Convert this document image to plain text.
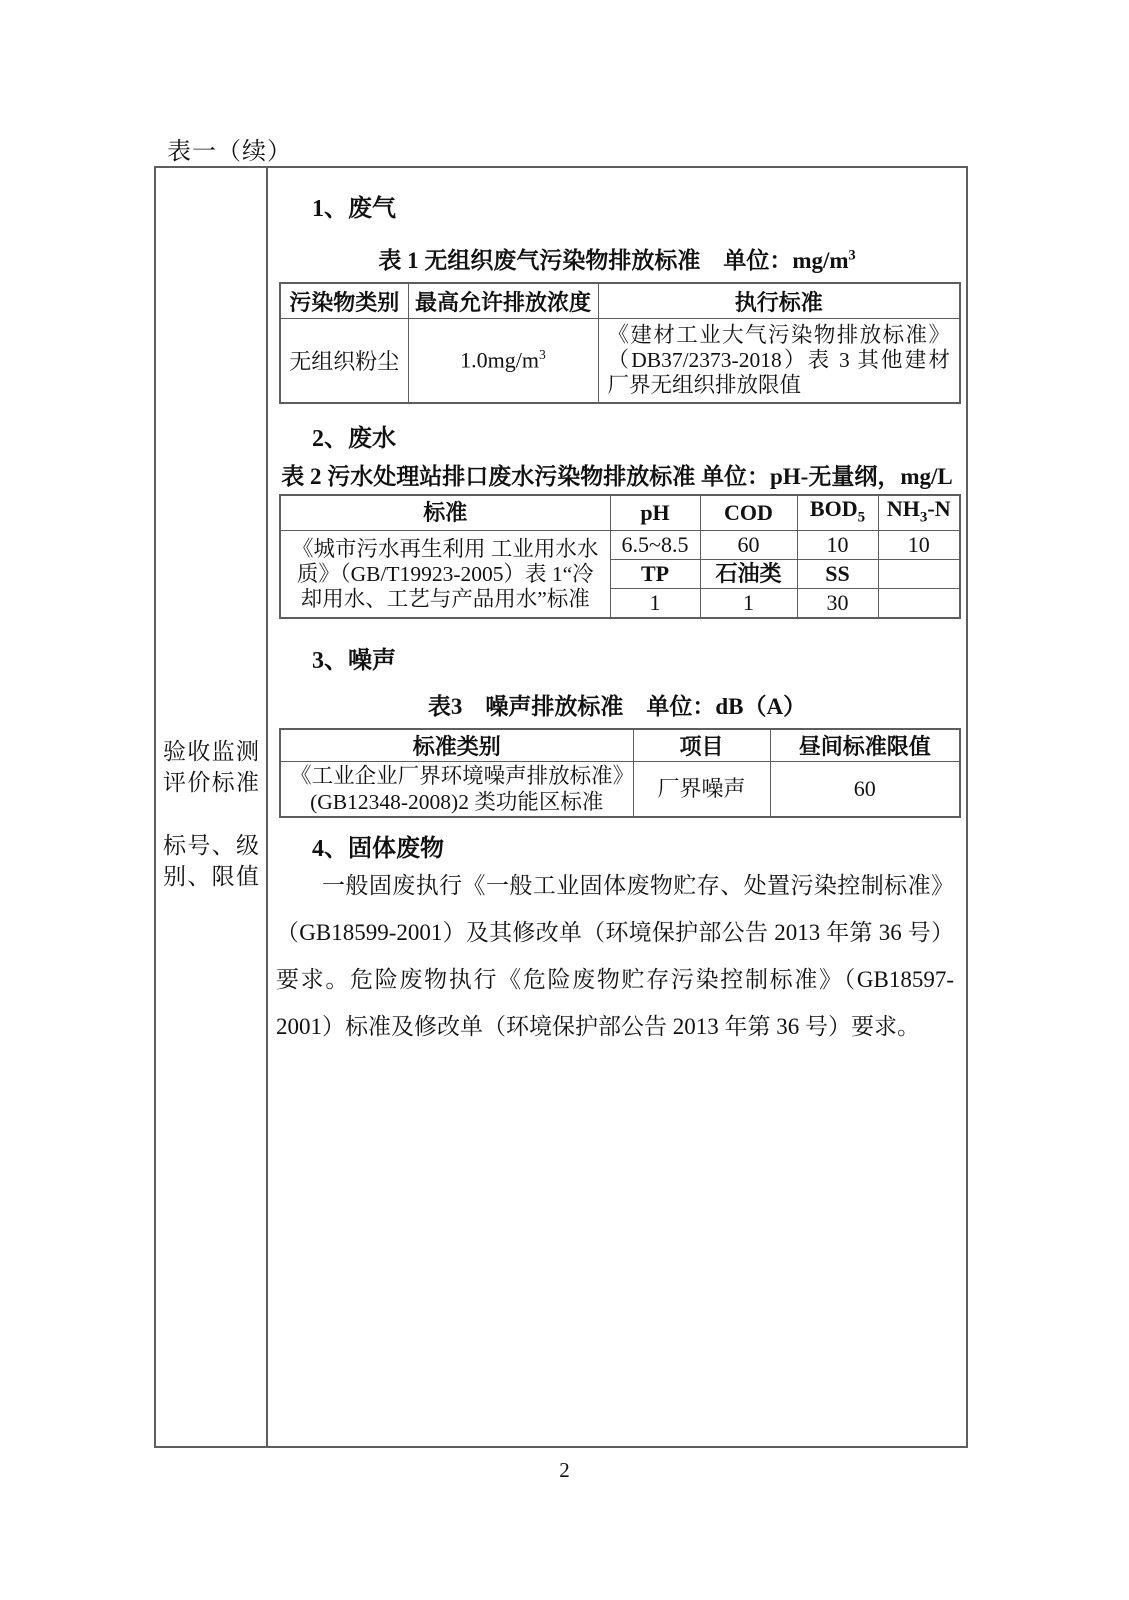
表一（续）
验收监测评价标准
标号、级别、限值
1、废气
表 1 无组织废气污染物排放标准　单位：$mg/m^3$
污染物类别	最高允许排放浓度	执行标准
无组织粉尘	$1.0mg/m^3$	《建材工业大气污染物排放标准》（DB37/2373-2018）表 3 其他建材厂界无组织排放限值
2、废水
表 2 污水处理站排口废水污染物排放标准 单位：pH-无量纲，mg/L
标准	pH	COD	$BOD_5$	$NH_3-N$
《城市污水再生利用 工业用水水质》（GB/T19923-2005）表 1“冷却用水、工艺与产品用水”标准	6.5~8.5	60	10	10
	TP	石油类	SS	
	1	1	30	
3、噪声
表3　噪声排放标准　单位：dB（A）
标准类别	项目	昼间标准限值
《工业企业厂界环境噪声排放标准》(GB12348-2008)2 类功能区标准	厂界噪声	60
4、固体废物
一般固废执行《一般工业固体废物贮存、处置污染控制标准》（GB18599-2001）及其修改单（环境保护部公告 2013 年第 36 号）要求。危险废物执行《危险废物贮存污染控制标准》（GB18597-2001）标准及修改单（环境保护部公告 2013 年第 36 号）要求。
2
